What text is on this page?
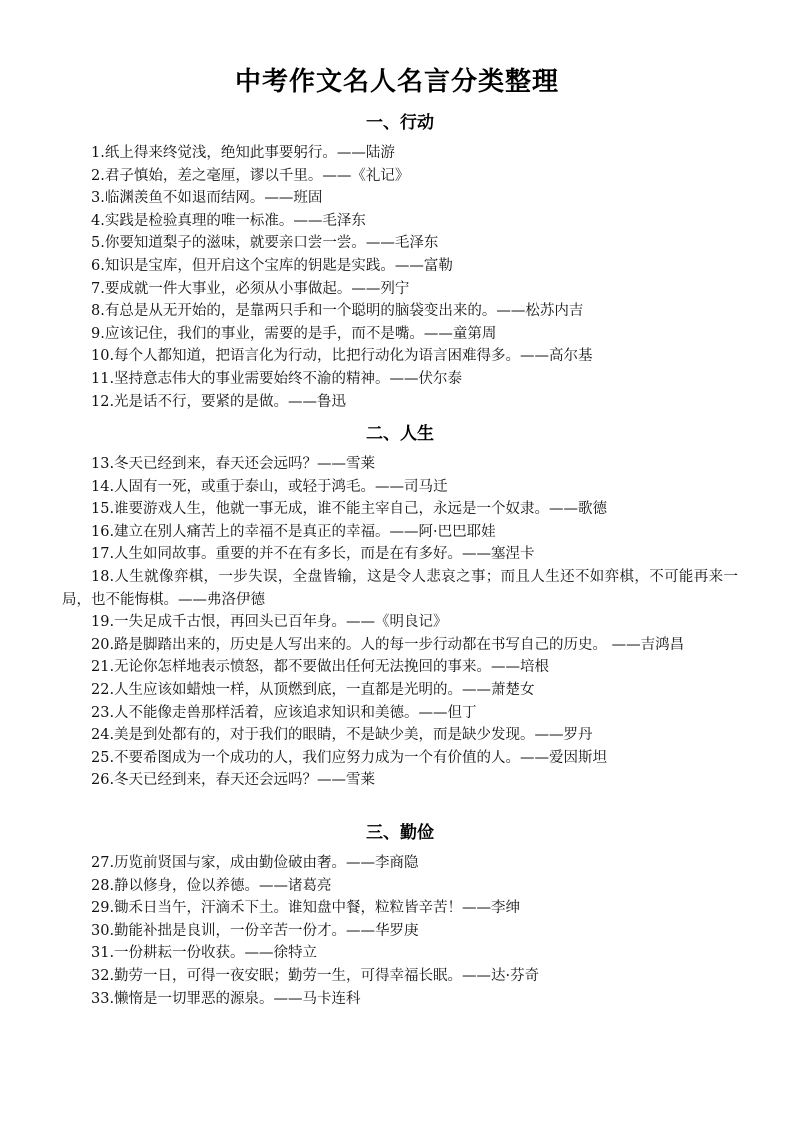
中考作文名人名言分类整理
一、行动
1.纸上得来终觉浅，绝知此事要躬行。——陆游
2.君子慎始，差之毫厘，谬以千里。——《礼记》
3.临渊羡鱼不如退而结网。——班固
4.实践是检验真理的唯一标准。——毛泽东
5.你要知道梨子的滋味，就要亲口尝一尝。——毛泽东
6.知识是宝库，但开启这个宝库的钥匙是实践。——富勒
7.要成就一件大事业，必须从小事做起。——列宁
8.有总是从无开始的，是靠两只手和一个聪明的脑袋变出来的。——松苏内吉
9.应该记住，我们的事业，需要的是手，而不是嘴。——童第周
10.每个人都知道，把语言化为行动，比把行动化为语言困难得多。——高尔基
11.坚持意志伟大的事业需要始终不渝的精神。——伏尔泰
12.光是话不行，要紧的是做。——鲁迅
二、人生
13.冬天已经到来，春天还会远吗？——雪莱
14.人固有一死，或重于泰山，或轻于鸿毛。——司马迁
15.谁要游戏人生，他就一事无成，谁不能主宰自己，永远是一个奴隶。——歌德
16.建立在别人痛苦上的幸福不是真正的幸福。——阿·巴巴耶娃
17.人生如同故事。重要的并不在有多长，而是在有多好。——塞涅卡
18.人生就像弈棋，一步失误，全盘皆输，这是令人悲哀之事；而且人生还不如弈棋，不可能再来一局，也不能悔棋。——弗洛伊德
19.一失足成千古恨，再回头已百年身。——《明良记》
20.路是脚踏出来的，历史是人写出来的。人的每一步行动都在书写自己的历史。 ——吉鸿昌
21.无论你怎样地表示愤怒，都不要做出任何无法挽回的事来。——培根
22.人生应该如蜡烛一样，从顶燃到底，一直都是光明的。——萧楚女
23.人不能像走兽那样活着，应该追求知识和美德。——但丁
24.美是到处都有的，对于我们的眼睛，不是缺少美，而是缺少发现。——罗丹
25.不要希图成为一个成功的人，我们应努力成为一个有价值的人。——爱因斯坦
26.冬天已经到来，春天还会远吗？——雪莱
三、勤俭
27.历览前贤国与家，成由勤俭破由奢。——李商隐
28.静以修身，俭以养德。——诸葛亮
29.锄禾日当午，汗滴禾下土。谁知盘中餐，粒粒皆辛苦！——李绅
30.勤能补拙是良训，一份辛苦一份才。——华罗庚
31.一份耕耘一份收获。——徐特立
32.勤劳一日，可得一夜安眠；勤劳一生，可得幸福长眠。——达·芬奇
33.懒惰是一切罪恶的源泉。——马卡连科
